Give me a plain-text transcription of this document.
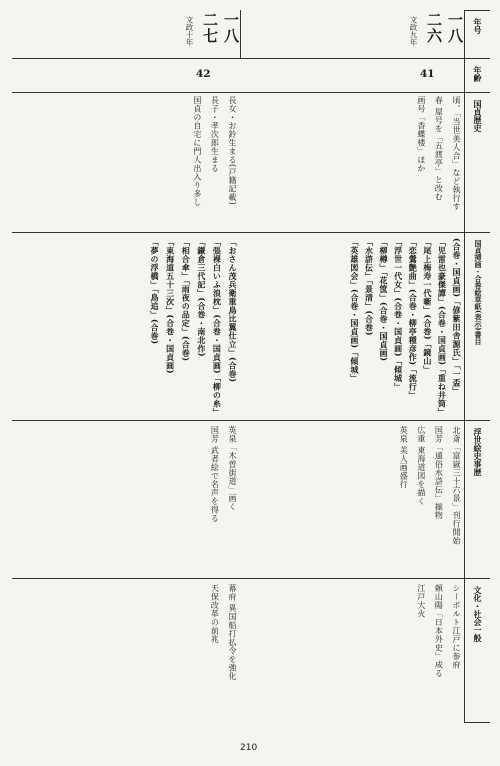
年号
年齢
国貞歴史
国貞挿画・合巻絵草紙(表示)書目
浮世絵史事歴
文化・社会一般
一八二六
文政九年
41
頃、「当世美人合」など執行す
春 屋号を「五渡亭」と改む
画号「香蝶楼」ほか
(合巻・国貞画)「偐紫田舎源氏」「一盃」
「児雷也豪傑譚」(合巻・国貞画)「重ね井筒」
「尾上梅寿一代噺」(合巻)「鏡山」
「恋鶯艶曲」(合巻・柳亭種彦作)「流行」
「浮世一代女」(合巻・国貞画)「傾城」
「柳樽」「花筺」(合巻・国貞画)
「水滸伝」「景清」(合巻)
「英雄図会」(合巻・国貞画)「傾城」
北斎「富嶽三十六景」刊行開始
国芳「通俗水滸伝」揃物
広重 東海道図を描く
英泉 美人画盛行
シーボルト江戸に参府
頼山陽「日本外史」成る
江戸大火
一八二七
文政十年
42
長女・お鈴生まる(戸籍記載)
長子・孝次郎生まる
国貞の自宅に門人出入り多し
「おさん茂兵衛重鳥比翼仕立」(合巻)
「張裸白いふ浪枕」(合巻・国貞画)「柳の糸」
「鎌倉三代記」(合巻・南北作)
「相合傘」「雨夜の品定」(合巻)
「東海道五十三次」(合巻・国貞画)
「夢の浮橋」「鳥追」(合巻)
英泉「木曽街道」画く
国芳 武者絵で名声を得る
幕府 異国船打払令を強化
天保改革の前兆
210
